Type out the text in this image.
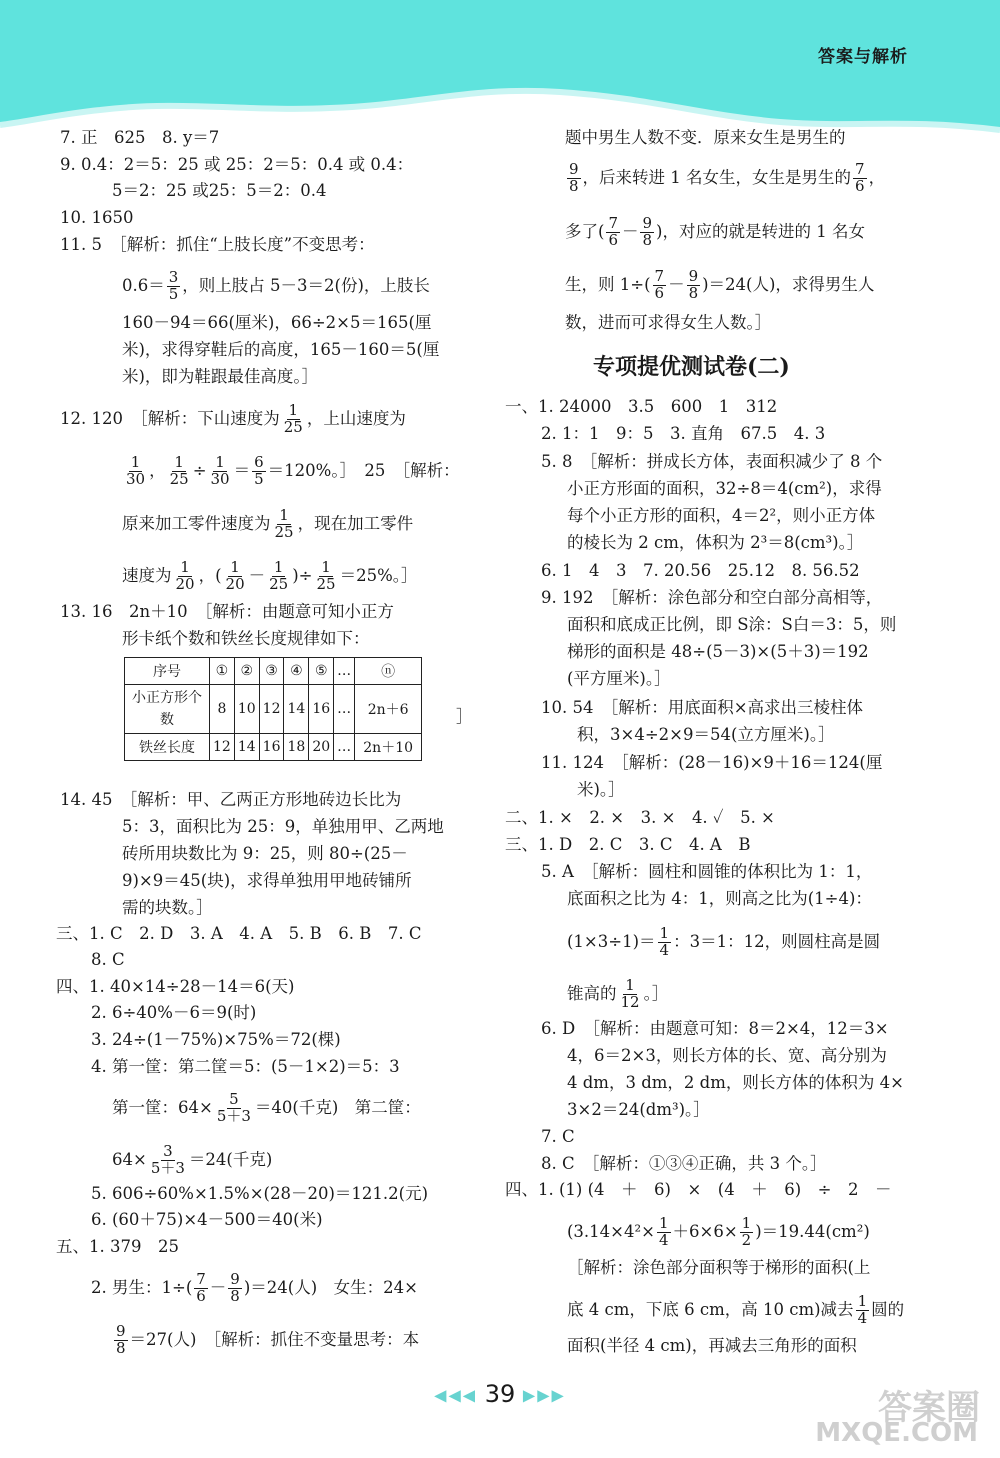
答案与解析
7. 正　625　8. y＝7
9. 0.4：2＝5：25 或 25：2＝5：0.4 或 0.4：
5＝2：25 或25：5＝2：0.4
10. 1650
11. 5　［解析：抓住“上肢长度”不变思考：
$0.6= \frac{3}{5}$ ，则上肢占 5－3＝2(份)，上肢长
160－94＝66(厘米)，66÷2×5＝165(厘
米)，求得穿鞋后的高度，165－160＝5(厘
米)，即为鞋跟最佳高度。］
12. 120　［解析：下山速度为 $\frac{1}{25}$ ，上山速度为
$\frac{1}{30}$ ， $\frac{1}{25} \div \frac{1}{30} = \frac{6}{5} =120\%$。］　25　［解析：
原来加工零件速度为 $\frac{1}{25}$ ，现在加工零件
速度为 $\frac{1}{20}$ ，( $\frac{1}{20} - \frac{1}{25}$ )÷ $\frac{1}{25} =25\%$。］
13. 16　2n＋10　［解析：由题意可知小正方
形卡纸个数和铁丝长度规律如下：
序号	①	②	③	④	⑤	…	ⓝ
小正方形个数	8	10	12	14	16	…	2n＋6
铁丝长度	12	14	16	18	20	…	2n＋10
］
14. 45　［解析：甲、乙两正方形地砖边长比为
5：3，面积比为 25：9，单独用甲、乙两地
砖所用块数比为 9：25，则 80÷(25－
9)×9＝45(块)，求得单独用甲地砖铺所
需的块数。］
三、1. C　2. D　3. A　4. A　5. B　6. B　7. C
8. C
四、1. 40×14÷28－14＝6(天)
2. 6÷40%－6＝9(时)
3. 24÷(1－75%)×75%＝72(棵)
4. 第一筐：第二筐＝5：(5－1×2)＝5：3
第一筐：$64\times \frac{5}{5+3} =40$(千克)　第二筐：
$64\times \frac{3}{5+3} =24$(千克)
5. 606÷60%×1.5%×(28－20)＝121.2(元)
6. (60＋75)×4－500＝40(米)
五、1. 379　25
2. 男生：$1\div( \frac{7}{6} - \frac{9}{8} )=24$(人)　女生：24×
$\frac{9}{8} =27$(人)　［解析：抓住不变量思考：本
题中男生人数不变．原来女生是男生的
$\frac{9}{8}$ ，后来转进 1 名女生，女生是男生的 $\frac{7}{6}$ ，
多了( $\frac{7}{6} - \frac{9}{8}$ )，对应的就是转进的 1 名女
生，则 $1\div( \frac{7}{6} - \frac{9}{8} )=24$(人)，求得男生人
数，进而可求得女生人数。］
专项提优测试卷(二)
一、1. 24000　3.5　600　1　312
2. 1：1　9：5　3. 直角　67.5　4. 3
5. 8　［解析：拼成长方体，表面积减少了 8 个
小正方形面的面积，32÷8＝4(cm²)，求得
每个小正方形的面积，4＝2²，则小正方体
的棱长为 2 cm，体积为 2³＝8(cm³)。］
6. 1　4　3　7. 20.56　25.12　8. 56.52
9. 192　［解析：涂色部分和空白部分高相等，
面积和底成正比例，即 S涂：S白＝3：5，则
梯形的面积是 48÷(5－3)×(5＋3)＝192
(平方厘米)。］
10. 54　［解析：用底面积×高求出三棱柱体
积，3×4÷2×9＝54(立方厘米)。］
11. 124　［解析：(28－16)×9＋16＝124(厘
米)。］
二、1. ×　2. ×　3. ×　4. ✓　5. ×
三、1. D　2. C　3. C　4. A　B
5. A　［解析：圆柱和圆锥的体积比为 1：1，
底面积之比为 4：1，则高之比为(1÷4)：
$(1\times 3\div 1)= \frac{1}{4}$ ：3＝1：12，则圆柱高是圆
锥高的 $\frac{1}{12}$ 。］
6. D　［解析：由题意可知：8＝2×4，12＝3×
4，6＝2×3，则长方体的长、宽、高分别为
4 dm，3 dm，2 dm，则长方体的体积为 4×
3×2＝24(dm³)。］
7. C
8. C　［解析：①③④正确，共 3 个。］
四、1. (1) (4　＋　6)　×　(4　＋　6)　÷　2　－
$(3.14\times 4^2\times \frac{1}{4} +6\times 6\times \frac{1}{2} )=19.44(cm^2)$
［解析：涂色部分面积等于梯形的面积(上
底 4 cm，下底 6 cm，高 10 cm)减去 $\frac{1}{4}$ 圆的
面积(半径 4 cm)，再减去三角形的面积
◀◀◀ 39 ▶▶▶	答案圈
MXQE.COM
